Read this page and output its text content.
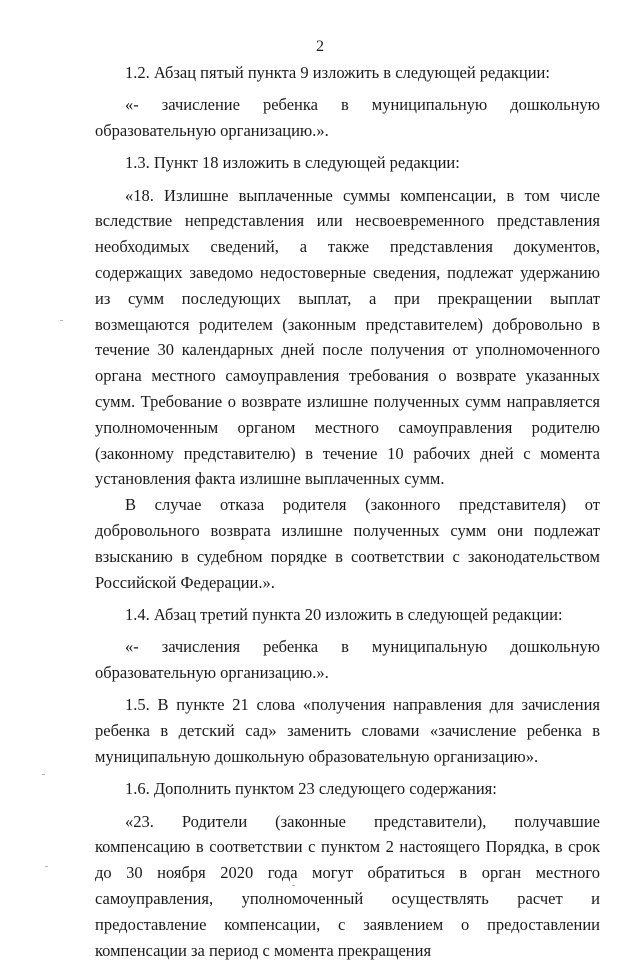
2

1.2. Абзац пятый пункта 9 изложить в следующей редакции:

«- зачисление ребенка в муниципальную дошкольную образовательную организацию.».

1.3. Пункт 18 изложить в следующей редакции:

«18. Излишне выплаченные суммы компенсации, в том числе вследствие непредставления или несвоевременного представления необходимых сведений, а также представления документов, содержащих заведомо недостоверные сведения, подлежат удержанию из сумм последующих выплат, а при прекращении выплат возмещаются родителем (законным представителем) добровольно в течение 30 календарных дней после получения от уполномоченного органа местного самоуправления требования о возврате указанных сумм. Требование о возврате излишне полученных сумм направляется уполномоченным органом местного самоуправления родителю (законному представителю) в течение 10 рабочих дней с момента установления факта излишне выплаченных сумм.

В случае отказа родителя (законного представителя) от добровольного возврата излишне полученных сумм они подлежат взысканию в судебном порядке в соответствии с законодательством Российской Федерации.».

1.4. Абзац третий пункта 20 изложить в следующей редакции:

«- зачисления ребенка в муниципальную дошкольную образовательную организацию.».

1.5. В пункте 21 слова «получения направления для зачисления ребенка в детский сад» заменить словами «зачисление ребенка в муниципальную дошкольную образовательную организацию».

1.6. Дополнить пунктом 23 следующего содержания:

«23. Родители (законные представители), получавшие компенсацию в соответствии с пунктом 2 настоящего Порядка, в срок до 30 ноября 2020 года могут обратиться в орган местного самоуправления, уполномоченный осуществлять расчет и предоставление компенсации, с заявлением о предоставлении компенсации за период с момента прекращения
